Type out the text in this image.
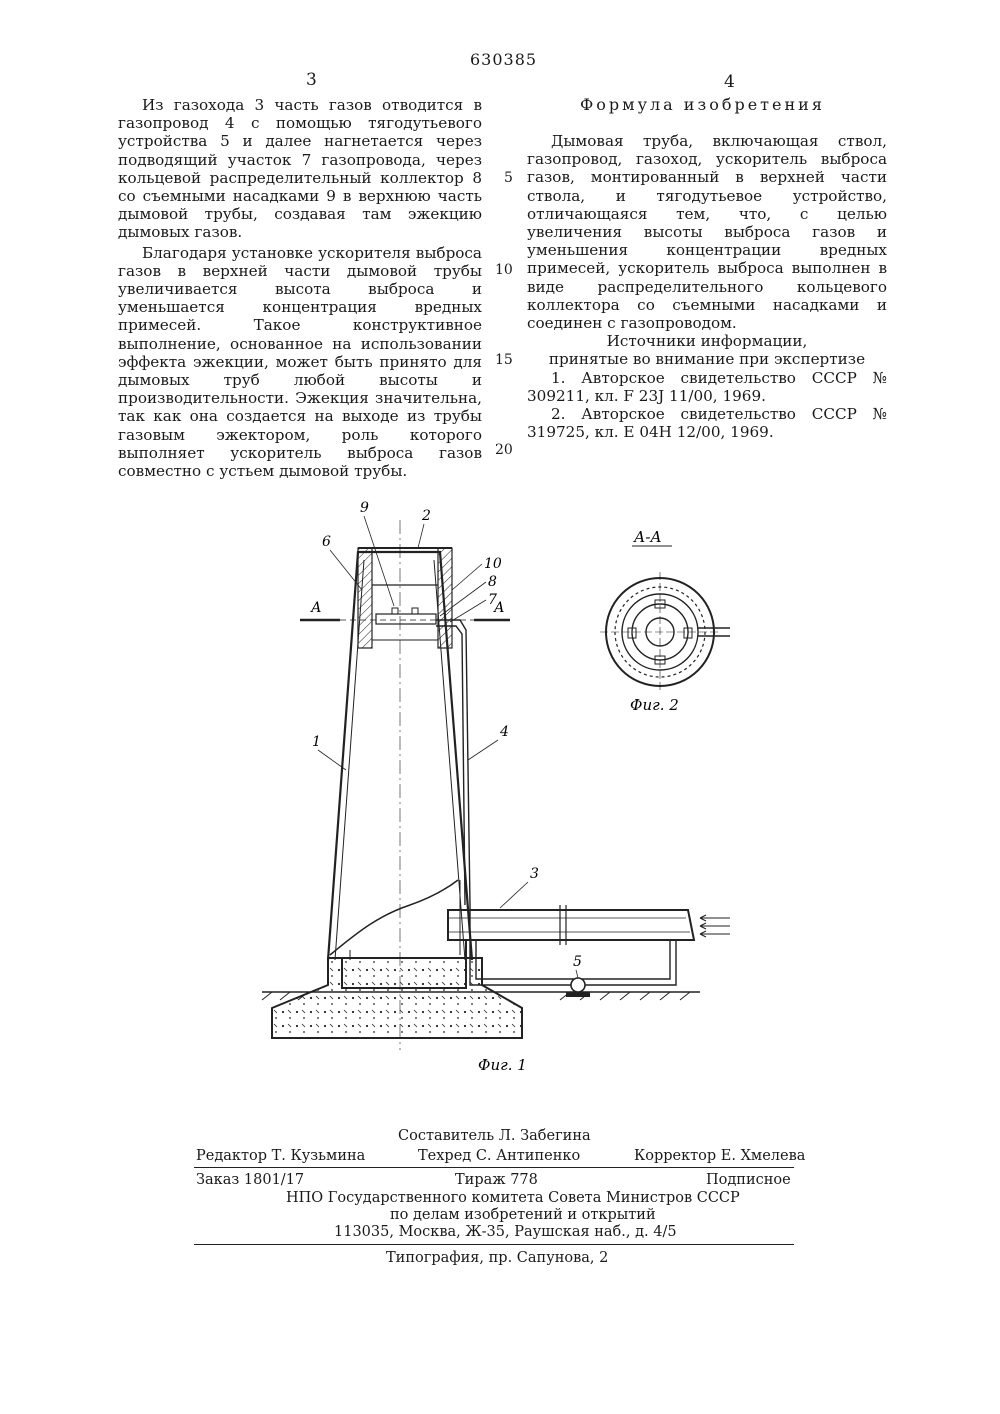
630385
3	4

Из газохода 3 часть газов отводится в газопровод 4 с помощью тягодутьевого устройства 5 и далее нагнетается через подводящий участок 7 газопровода, через кольцевой распределительный коллектор 8 со съемными насадками 9 в верхнюю часть дымовой трубы, создавая там эжекцию дымовых газов.

Благодаря установке ускорителя выброса газов в верхней части дымовой трубы увеличивается высота выброса и уменьшается концентрация вредных примесей. Такое конструктивное выполнение, основанное на использовании эффекта эжекции, может быть принято для дымовых труб любой высоты и производительности. Эжекция значительна, так как она создается на выходе из трубы газовым эжектором, роль которого выполняет ускоритель выброса газов совместно с устьем дымовой трубы.

5
10
15
20
Формула изобретения

Дымовая труба, включающая ствол, газопровод, газоход, ускоритель выброса газов, монтированный в верхней части ствола, и тягодутьевое устройство, отличающаяся тем, что, с целью увеличения высоты выброса газов и уменьшения концентрации вредных примесей, ускоритель выброса выполнен в виде распределительного кольцевого коллектора со съемными насадками и соединен с газопроводом.

Источники информации,

принятые во внимание при экспертизе

1. Авторское свидетельство СССР № 309211, кл. F 23J 11/00, 1969.

2. Авторское свидетельство СССР № 319725, кл. Е 04Н 12/00, 1969.

А	А
А-А
1
2
3
4
5
6
7
8
9
10
Фиг. 2
Фиг. 1
Составитель Л. Забегина
Редактор Т. Кузьмина	Техред С. Антипенко	Корректор Е. Хмелева
Заказ 1801/17	Тираж 778	Подписное
НПО Государственного комитета Совета Министров СССР
по делам изобретений и открытий
113035, Москва, Ж-35, Раушская наб., д. 4/5
Типография, пр. Сапунова, 2
